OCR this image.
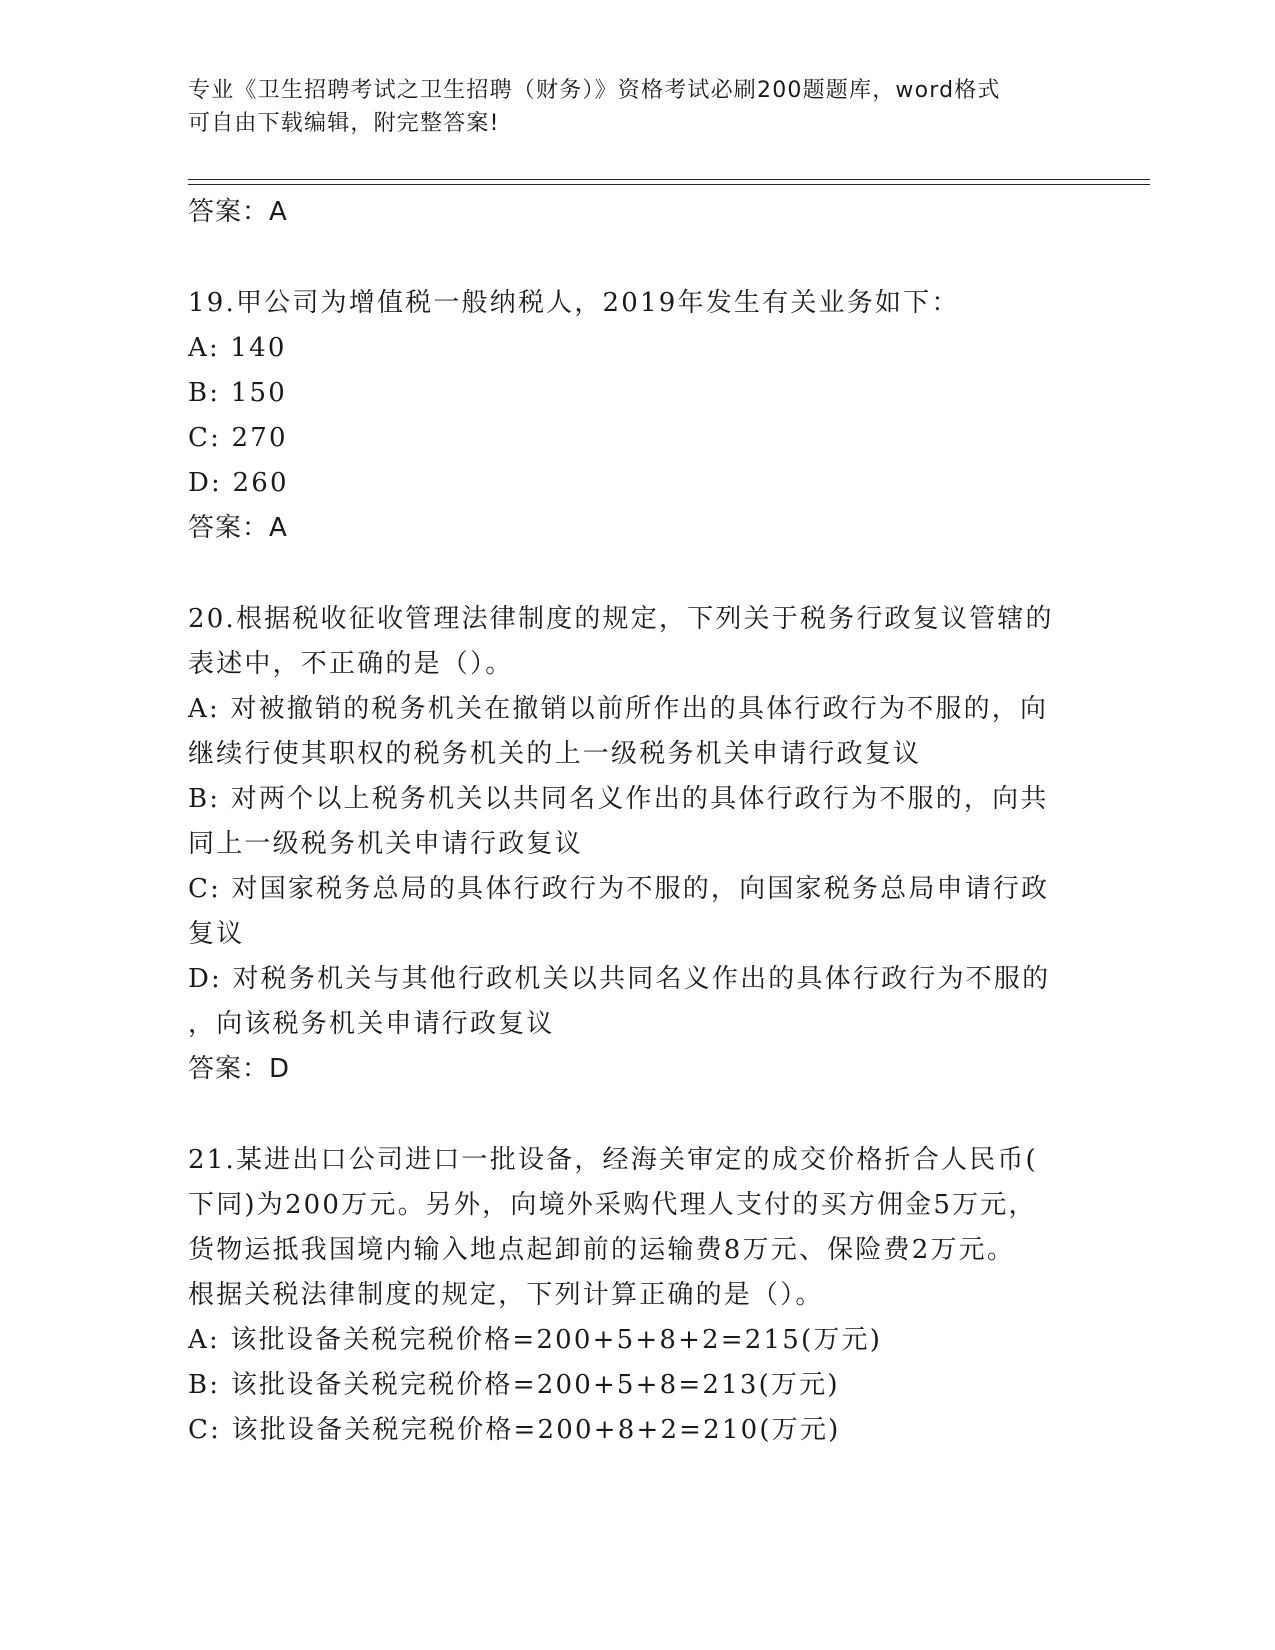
专业《卫生招聘考试之卫生招聘（财务）》资格考试必刷200题题库，word格式
可自由下载编辑，附完整答案!

答案：A

19.甲公司为增值税一般纳税人，2019年发生有关业务如下：

A: 140

B: 150

C: 270

D: 260

答案：A

20.根据税收征收管理法律制度的规定，下列关于税务行政复议管辖的

表述中，不正确的是（）。

A: 对被撤销的税务机关在撤销以前所作出的具体行政行为不服的，向

继续行使其职权的税务机关的上一级税务机关申请行政复议

B: 对两个以上税务机关以共同名义作出的具体行政行为不服的，向共

同上一级税务机关申请行政复议

C: 对国家税务总局的具体行政行为不服的，向国家税务总局申请行政

复议

D: 对税务机关与其他行政机关以共同名义作出的具体行政行为不服的

，向该税务机关申请行政复议

答案：D

21.某进出口公司进口一批设备，经海关审定的成交价格折合人民币(

下同)为200万元。另外，向境外采购代理人支付的买方佣金5万元，

货物运抵我国境内输入地点起卸前的运输费8万元、保险费2万元。

根据关税法律制度的规定，下列计算正确的是（）。

A: 该批设备关税完税价格=200+5+8+2=215(万元)

B: 该批设备关税完税价格=200+5+8=213(万元)

C: 该批设备关税完税价格=200+8+2=210(万元)
